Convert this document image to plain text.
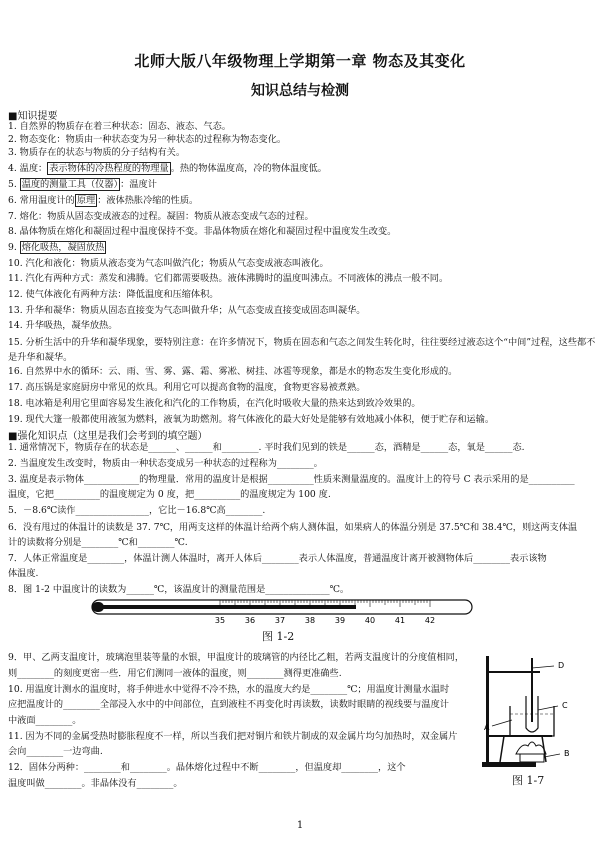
北师大版八年级物理上学期第一章 物态及其变化
知识总结与检测
■知识提要
1. 自然界的物质存在着三种状态：固态、液态、气态。
2. 物态变化：物质由一种状态变为另一种状态的过程称为物态变化。
3. 物质存在的状态与物质的分子结构有关。
4. 温度： 表示物体的冷热程度的物理量 。热的物体温度高，冷的物体温度低。
5. 温度的测量工具（仪器） ：温度计
6. 常用温度计的 原理 ：液体热胀冷缩的性质。
7. 熔化：物质从固态变成液态的过程。凝固：物质从液态变成气态的过程。
8. 晶体物质在熔化和凝固过程中温度保持不变。非晶体物质在熔化和凝固过程中温度发生改变。
9. 熔化吸热，凝固放热
10. 汽化和液化：物质从液态变为气态叫做汽化；物质从气态变成液态叫液化。
11. 汽化有两种方式：蒸发和沸腾。它们都需要吸热。液体沸腾时的温度叫沸点。不同液体的沸点一般不同。
12. 使气体液化有两种方法：降低温度和压缩体积。
13. 升华和凝华：物质从固态直接变为气态叫做升华；从气态变成直接变成固态叫凝华。
14. 升华吸热，凝华放热。
15. 分析生活中的升华和凝华现象，要特别注意：在许多情况下，物质在固态和气态之间发生转化时，往往要经过液态这个“中间”过程，这些都不是升华和凝华。
16. 自然界中水的循环：云、雨、雪、雾、露、霜、雾凇、树挂、冰雹等现象，都是水的物态发生变化形成的。
17. 高压锅是家庭厨房中常见的炊具。利用它可以提高食物的温度，食物更容易被煮熟。
18. 电冰箱是利用它里面容易发生液化和汽化的工作物质，在汽化时吸收大量的热来达到致冷效果的。
19. 现代大篷一般都使用液氢为燃料，液氧为助燃剂。将气体液化的最大好处是能够有效地减小体积，便于贮存和运输。
■强化知识点（这里是我们会考到的填空题）
1. 通常情况下，物质存在的状态是______、______和________. 平时我们见到的铁是______态，酒精是______态，氧是______态.
2. 当温度发生改变时，物质由一种状态变成另一种状态的过程称为________。
3. 温度是表示物体____________的物理量．常用的温度计是根据__________性质来测量温度的。温度计上的符号 C 表示采用的是__________
温度，它把__________的温度规定为 0 度，把__________的温度规定为 100 度.
5．－8.6℃读作________________，它比－16.8℃高________.
6．没有甩过的体温计的读数是 37. 7℃，用两支这样的体温计给两个病人测体温，如果病人的体温分别是 37.5℃和 38.4℃，则这两支体温
计的读数将分别是________℃和________℃.
7．人体正常温度是________，体温计测人体温时，离开人体后________表示人体温度，普通温度计离开被测物体后________表示该物
体温度.
8．图 1-2 中温度计的读数为______℃，该温度计的测量范围是______________℃。
35 36 37 38 39 40 41 42
图 1-2
9．甲、乙两支温度计，玻璃泡里装等量的水银，甲温度计的玻璃管的内径比乙粗，若两支温度计的分度值相同，
则________的刻度更密一些．用它们测同一液体的温度，则________测得更准确些.
10. 用温度计测水的温度时，将手伸进水中觉得不冷不热，水的温度大约是________℃；用温度计测量水温时
应把温度计的________全部浸入水中的中间部位，直到液柱不再变化时再读数，读数时眼睛的视线要与温度计
中液面________。
11. 因为不同的金属受热时膨胀程度不一样，所以当我们把对铜片和铁片制成的双金属片均匀加热时，双金属片
会向________一边弯曲.
12．固体分两种：________和________。晶体熔化过程中不断________，但温度却________，这个
温度叫做________。非晶体没有________。
D
C
A
B
图 1-7
1
